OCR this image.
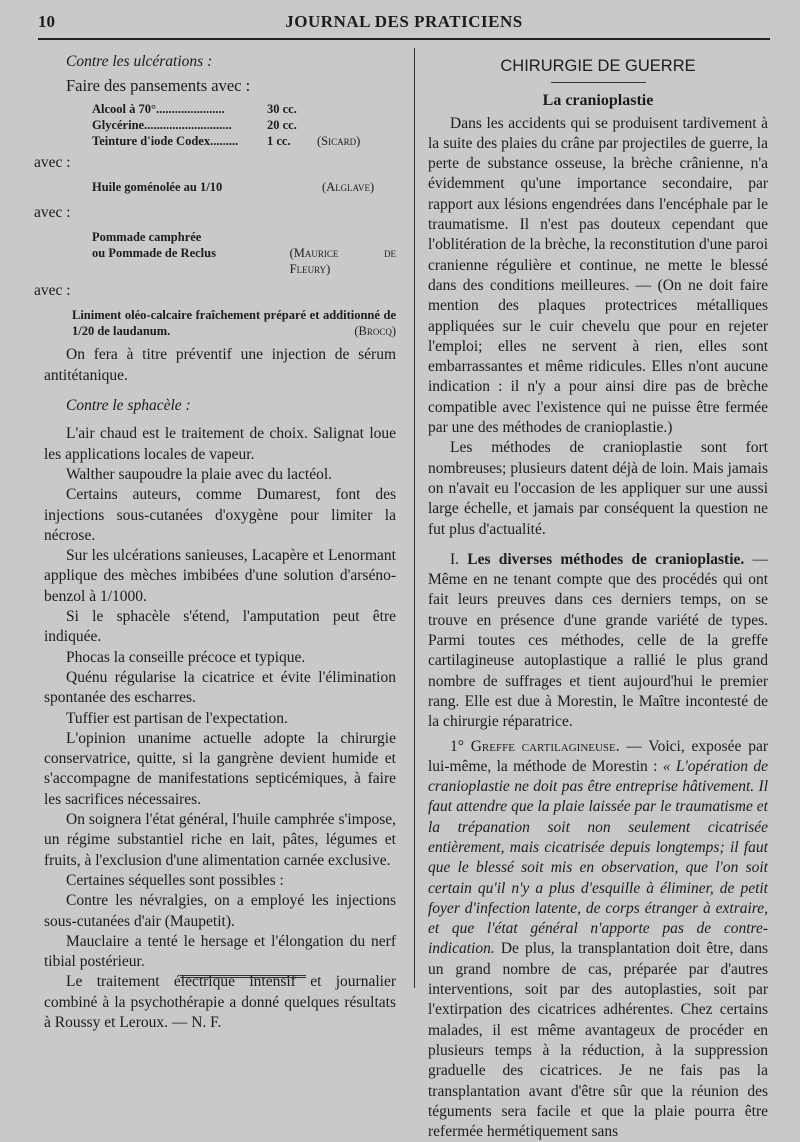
10	JOURNAL DES PRATICIENS

Contre les ulcérations :

Faire des pansements avec :

Alcool à 70°......................	30 cc.
Glycérine............................	20 cc.
Teinture d'iode Codex.........	1 cc.	(Sicard)

avec :

Huile goménolée au 1/10	(Alglave)

avec :

Pommade camphrée
ou Pommade de Reclus	(Maurice de Fleury)

avec :

Liniment oléo-calcaire fraîchement préparé et additionné de 1/20 de laudanum.	(Brocq)

On fera à titre préventif une injection de sérum antitétanique.

Contre le sphacèle :

L'air chaud est le traitement de choix. Salignat loue les applications locales de vapeur.

Walther saupoudre la plaie avec du lactéol.

Certains auteurs, comme Dumarest, font des injections sous-cutanées d'oxygène pour limiter la nécrose.

Sur les ulcérations sanieuses, Lacapère et Lenormant applique des mèches imbibées d'une solution d'arséno-benzol à 1/1000.

Si le sphacèle s'étend, l'amputation peut être indiquée.

Phocas la conseille précoce et typique.

Quénu régularise la cicatrice et évite l'élimination spontanée des escharres.

Tuffier est partisan de l'expectation.

L'opinion unanime actuelle adopte la chirurgie conservatrice, quitte, si la gangrène devient humide et s'accompagne de manifestations septicémiques, à faire les sacrifices nécessaires.

On soignera l'état général, l'huile camphrée s'impose, un régime substantiel riche en lait, pâtes, légumes et fruits, à l'exclusion d'une alimentation carnée exclusive.

Certaines séquelles sont possibles :

Contre les névralgies, on a employé les injections sous-cutanées d'air (Maupetit).

Mauclaire a tenté le hersage et l'élongation du nerf tibial postérieur.

Le traitement électrique intensif et journalier combiné à la psychothérapie a donné quelques résultats à Roussy et Leroux. — N. F.

CHIRURGIE DE GUERRE
La cranioplastie

Dans les accidents qui se produisent tardivement à la suite des plaies du crâne par projectiles de guerre, la perte de substance osseuse, la brèche crânienne, n'a évidemment qu'une importance secondaire, par rapport aux lésions engendrées dans l'encéphale par le traumatisme. Il n'est pas douteux cependant que l'oblitération de la brèche, la reconstitution d'une paroi cranienne régulière et continue, ne mette le blessé dans des conditions meilleures. — (On ne doit faire mention des plaques protectrices métalliques appliquées sur le cuir chevelu que pour en rejeter l'emploi; elles ne servent à rien, elles sont embarrassantes et même ridicules. Elles n'ont aucune indication : il n'y a pour ainsi dire pas de brèche compatible avec l'existence qui ne puisse être fermée par une des méthodes de cranioplastie.)

Les méthodes de cranioplastie sont fort nombreuses; plusieurs datent déjà de loin. Mais jamais on n'avait eu l'occasion de les appliquer sur une aussi large échelle, et jamais par conséquent la question ne fut plus d'actualité.

I. Les diverses méthodes de cranioplastie. — Même en ne tenant compte que des procédés qui ont fait leurs preuves dans ces derniers temps, on se trouve en présence d'une grande variété de types. Parmi toutes ces méthodes, celle de la greffe cartilagineuse autoplastique a rallié le plus grand nombre de suffrages et tient aujourd'hui le premier rang. Elle est due à Morestin, le Maître incontesté de la chirurgie réparatrice.

1° Greffe cartilagineuse. — Voici, exposée par lui-même, la méthode de Morestin : « L'opération de cranioplastie ne doit pas être entreprise hâtivement. Il faut attendre que la plaie laissée par le traumatisme et la trépanation soit non seulement cicatrisée entièrement, mais cicatrisée depuis longtemps; il faut que le blessé soit mis en observation, que l'on soit certain qu'il n'y a plus d'esquille à éliminer, de petit foyer d'infection latente, de corps étranger à extraire, et que l'état général n'apporte pas de contre-indication. De plus, la transplantation doit être, dans un grand nombre de cas, préparée par d'autres interventions, soit par des autoplasties, soit par l'extirpation des cicatrices adhérentes. Chez certains malades, il est même avantageux de procéder en plusieurs temps à la réduction, à la suppression graduelle des cicatrices. Je ne fais pas la transplantation avant d'être sûr que la réunion des téguments sera facile et que la plaie pourra être refermée hermétiquement sans
